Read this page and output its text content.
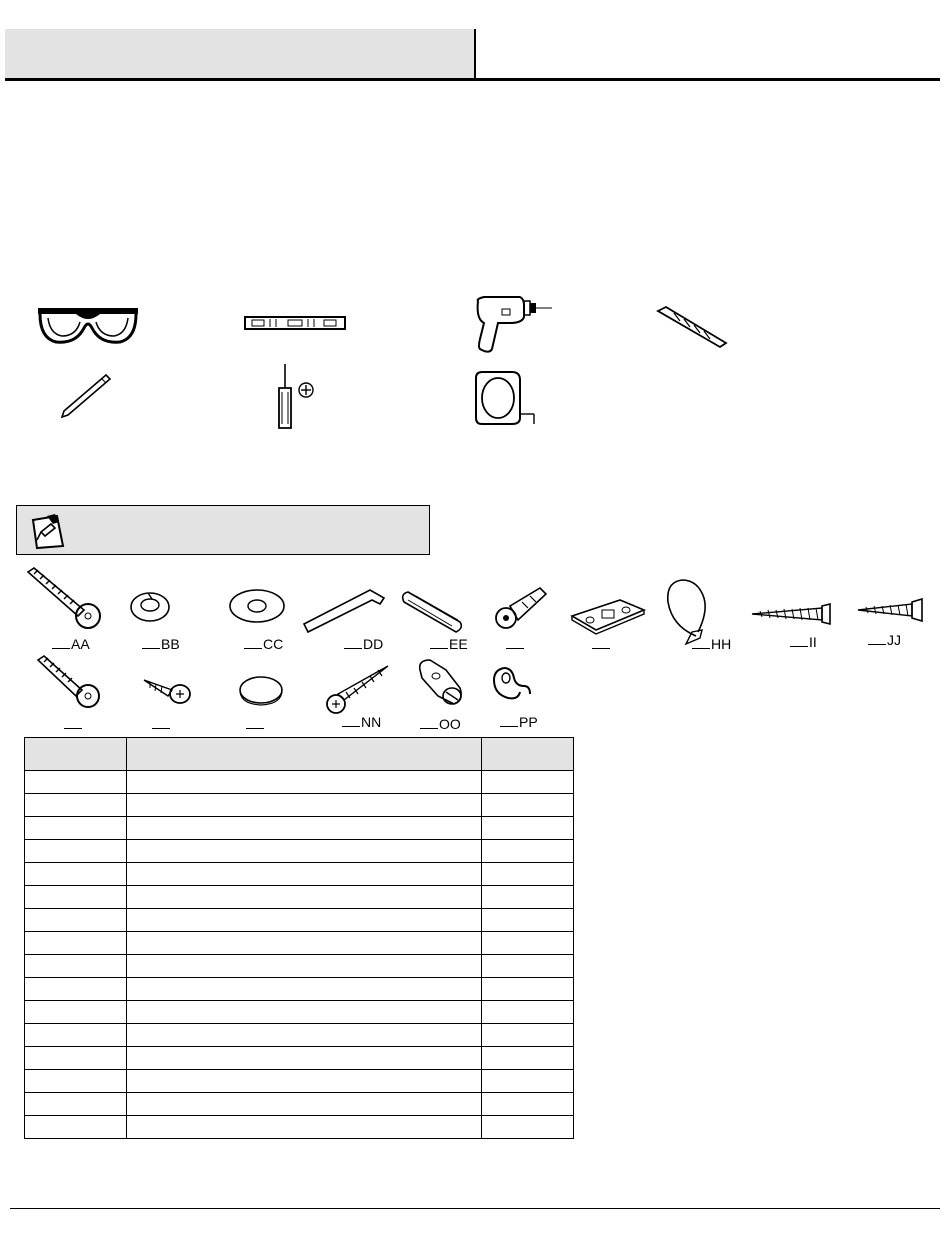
AA	BB	CC	DD	EE	HH	II	JJ
NN	OO	PP
